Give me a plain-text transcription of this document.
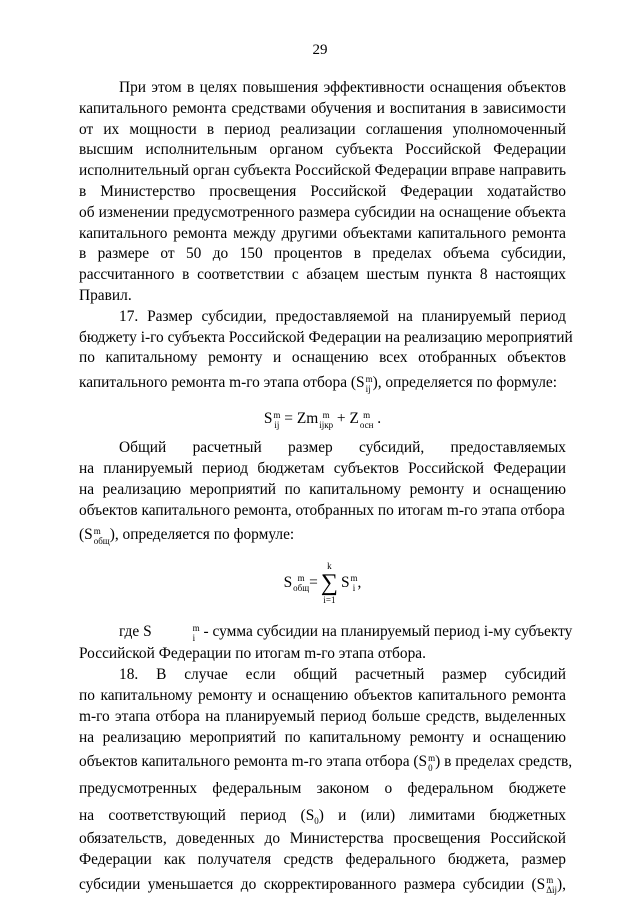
29
При этом в целях повышения эффективности оснащения объектов
капитального ремонта средствами обучения и воспитания в зависимости
от их мощности в период реализации соглашения уполномоченный
высшим исполнительным органом субъекта Российской Федерации
исполнительный орган субъекта Российской Федерации вправе направить
в Министерство просвещения Российской Федерации ходатайство
об изменении предусмотренного размера субсидии на оснащение объекта
капитального ремонта между другими объектами капитального ремонта
в размере от 50 до 150 процентов в пределах объема субсидии,
рассчитанного в соответствии с абзацем шестым пункта 8 настоящих
Правил.
17. Размер субсидии, предоставляемой на планируемый период
бюджету i-го субъекта Российской Федерации на реализацию мероприятий
по капитальному ремонту и оснащению всех отобранных объектов
капитального ремонта m-го этапа отбора (S m
ij ), определяется по формуле:
S m
ij = Zm m
ijкр + Z m
осн .
Общий расчетный размер субсидий, предоставляемых
на планируемый период бюджетам субъектов Российской Федерации
на реализацию мероприятий по капитальному ремонту и оснащению
объектов капитального ремонта, отобранных по итогам m-го этапа отбора
(S m
общ ), определяется по формуле:
S m
общ =
k
∑
i=1
S m
i ,
где S	m
i - сумма субсидии на планируемый период i-му субъекту
Российской Федерации по итогам m-го этапа отбора.
18. В случае если общий расчетный размер субсидий
по капитальному ремонту и оснащению объектов капитального ремонта
m-го этапа отбора на планируемый период больше средств, выделенных
на реализацию мероприятий по капитальному ремонту и оснащению
объектов капитального ремонта m-го этапа отбора (S m
0 ) в пределах средств,
предусмотренных федеральным законом о федеральном бюджете
на соответствующий период $(S_0)$ и (или) лимитами бюджетных
обязательств, доведенных до Министерства просвещения Российской
Федерации как получателя средств федерального бюджета, размер
субсидии уменьшается до скорректированного размера субсидии (S m
Δij ),
